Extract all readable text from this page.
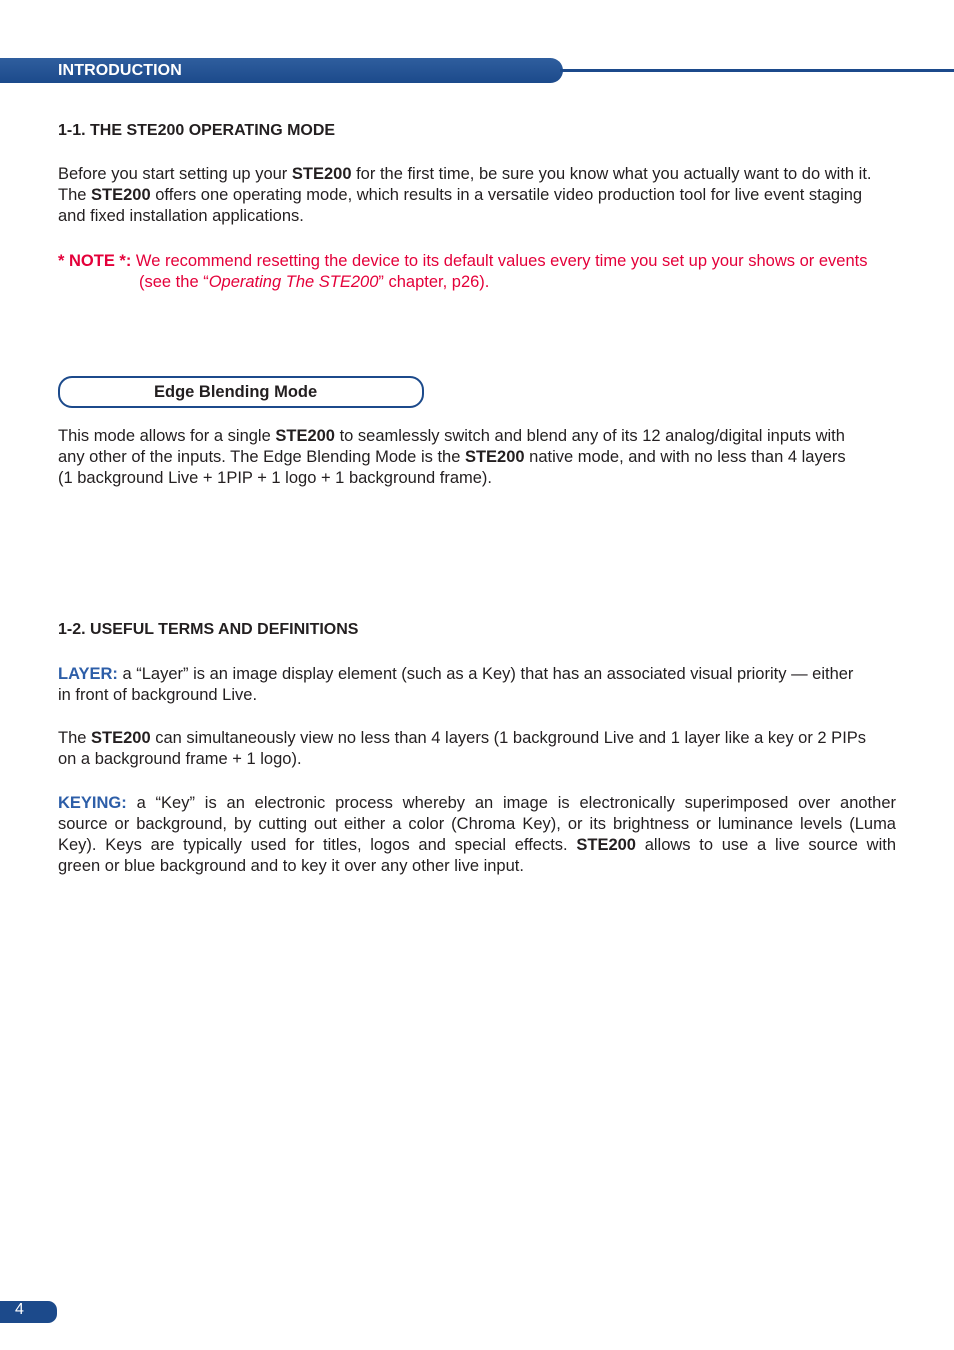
INTRODUCTION
1-1. THE STE200 OPERATING MODE
Before you start setting up your STE200 for the first time, be sure you know what you actually want to do with it.
The STE200 offers one operating mode, which results in a versatile video production tool for live event staging
and fixed installation applications.
* NOTE *: We recommend resetting the device to its default values every time you set up your shows or events
(see the “Operating The STE200” chapter, p26).
Edge Blending Mode
This mode allows for a single STE200 to seamlessly switch and blend any of its 12 analog/digital inputs with
any other of the inputs. The Edge Blending Mode is the STE200 native mode, and with no less than 4 layers
(1 background Live + 1PIP + 1 logo + 1 background frame).
1-2. USEFUL TERMS AND DEFINITIONS
LAYER: a “Layer” is an image display element (such as a Key) that has an associated visual priority — either
in front of background Live.
The STE200 can simultaneously view no less than 4 layers (1 background Live and 1 layer like a key or 2 PIPs
on a background frame + 1 logo).
KEYING: a “Key” is an electronic process whereby an image is electronically superimposed over another
source or background, by cutting out either a color (Chroma Key), or its brightness or luminance levels (Luma
Key). Keys are typically used for titles, logos and special effects. STE200 allows to use a live source with
green or blue background and to key it over any other live input.
4
